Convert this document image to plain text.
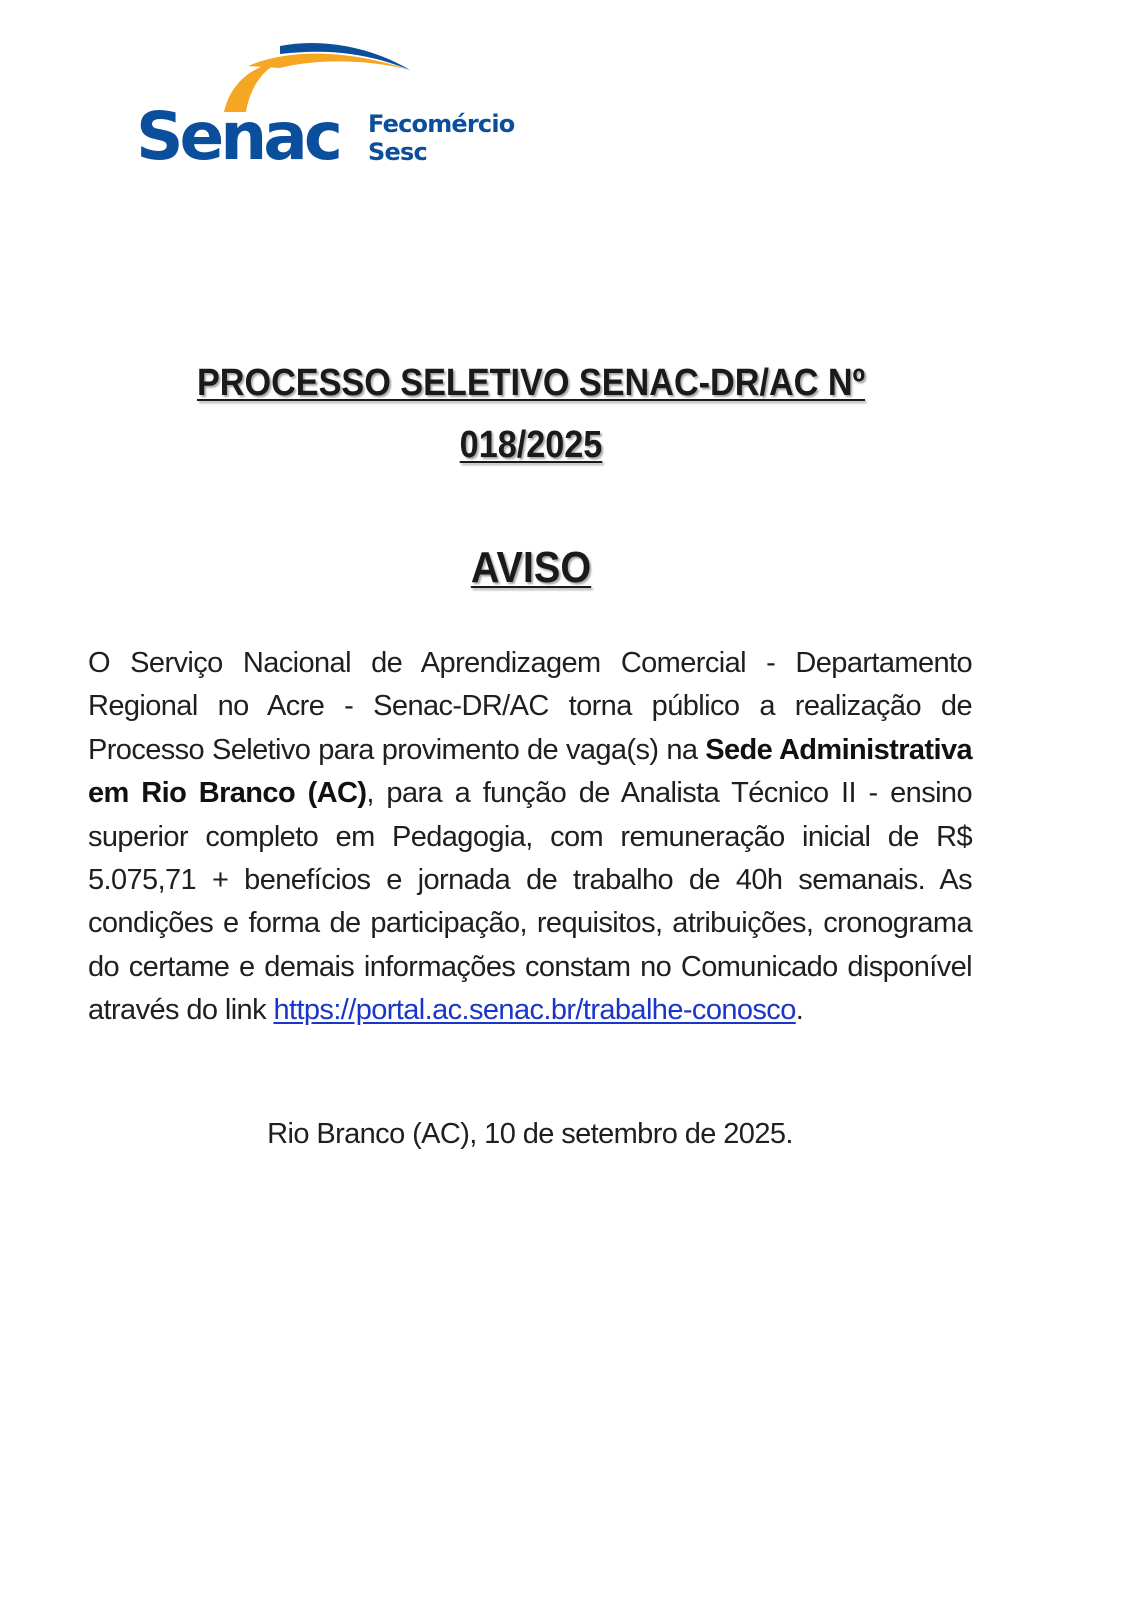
Senac Fecomércio
Sesc
PROCESSO SELETIVO SENAC-DR/AC Nº
018/2025
AVISO
O Serviço Nacional de Aprendizagem Comercial - Departamento Regional no Acre - Senac-DR/AC torna público a realização de Processo Seletivo para provimento de vaga(s) na Sede Administrativa em Rio Branco (AC), para a função de Analista Técnico II - ensino superior completo em Pedagogia, com remuneração inicial de R$ 5.075,71 + benefícios e jornada de trabalho de 40h semanais. As condições e forma de participação, requisitos, atribuições, cronograma do certame e demais informações constam no Comunicado disponível através do link https://portal.ac.senac.br/trabalhe-conosco.
Rio Branco (AC), 10 de setembro de 2025.
